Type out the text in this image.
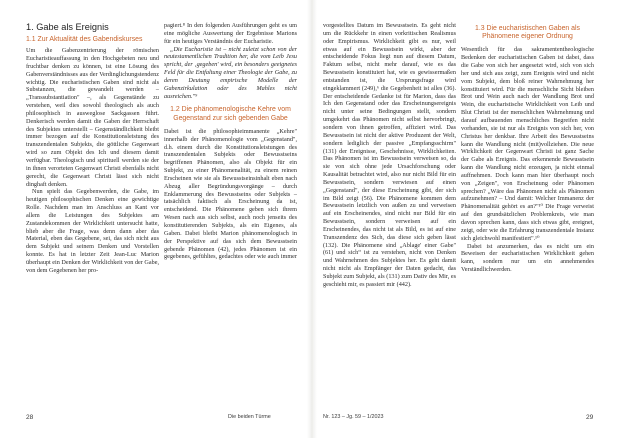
1. Gabe als Ereignis
1.1 Zur Aktualität des Gabendiskurses

Um die Gabenzentrierung der römischen Eucharistieauffassung in den Hochgebeten neu und fruchtbar denken zu können, ist eine Lösung des Gabenverständnisses aus der Verdinglichungstendenz wichtig. Die eucharistischen Gaben sind nicht als Substanzen, die gewandelt werden – „Transsubstantiation" –, als Gegenstände zu verstehen, weil dies sowohl theologisch als auch philosophisch in ausweglose Sackgassen führt. Denkerisch werden damit die Gaben der Herrschaft des Subjektes unterstellt – Gegenständlichkeit bleibt immer bezogen auf die Konstitutionsleistung des transzendentalen Subjekts, die göttliche Gegenwart wird so zum Objekt des Ich und diesem damit verfügbar. Theologisch und spirituell werden sie der in ihnen verorteten Gegenwart Christi ebenfalls nicht gerecht, die Gegenwart Christi lässt sich nicht dinghaft denken.

Nun spielt das Gegebenwerden, die Gabe, im heutigen philosophischen Denken eine gewichtige Rolle. Nachdem man im Anschluss an Kant vor allem die Leistungen des Subjektes am Zustandekommen der Wirklichkeit untersucht hatte, blieb aber die Frage, was denn dann aber das Material, eben das Gegebene, sei, das sich nicht aus dem Subjekt und seinem Denken und Vorstellen konnte. Es hat in letzter Zeit Jean-Luc Marion überhaupt ein Denken der Wirklichkeit von der Gabe, von dem Gegebenen her pro-

pagiert.⁸ In den folgenden Ausführungen geht es um eine mögliche Auswertung der Ergebnisse Marions für ein heutiges Verständnis der Eucharistie.

„Die Eucharistie ist – nicht zuletzt schon von der neutestamentlichen Tradition her, die vom Leib Jesu spricht, der ‚gegeben' wird, ein besonders geeignetes Feld für die Entfaltung einer Theologie der Gabe, zu deren Deutung empirische Modelle der Gabenzirkulation oder des Mahles nicht ausreichen."⁹

1.2 Die phänomenologische Kehre vom Gegenstand zur sich gebenden Gabe

Dabei ist die philosophieimmanente „Kehre" innerhalb der Phänomenologie vom „Gegenstand", d.h. einem durch die Konstitutionsleistungen des transzendentalen Subjekts oder Bewusstseins begriffenen Phänomen, also als Objekt für ein Subjekt, zu einer Phänomenalität, zu einem reinen Erscheinen wie sie als Bewusstseinsinhalt eben nach Abzug aller Begründungsvorgänge – durch Enklammerung des Bewusstseins oder Subjekts – tatsächlich faktisch als Erscheinung da ist, entscheidend. Die Phänomene geben sich ihrem Wesen nach aus sich selbst, auch noch jenseits des konstitutierenden Subjekts, als ein Eigenes, als Gaben. Dabei bleibt Marion phänomenologisch in der Perspektive auf das sich dem Bewusstsein gebende Phänomen (42), jedes Phänomen ist ein gegebenes, gefühltes, gedachtes oder wie auch immer

28	Die beiden Türme

vorgestelltes Datum im Bewusstsein. Es geht nicht um die Rückkehr in einen vorkritischen Realismus oder Empirismus. Wirklichkeit gibt es nur, weil etwas auf ein Bewusstsein wirkt, aber der entscheidende Fokus liegt nun auf diesem Datum, Faktum selbst, nicht mehr darauf, wie es das Bewusstsein konstituiert hat, wie es gewissermaßen entstanden ist, die Ursprungsfrage wird eingeklammert (249),⁶ die Gegebenheit ist alles (36). Der entscheidende Gedanke ist für Marion, dass das Ich den Gegenstand oder das Erscheinungsereignis nicht unter seine Bedingungen stellt, sondern umgekehrt das Phänomen nicht selbst hervorbringt, sondern von ihnen getroffen, affiziert wird. Das Bewusstsein ist nicht der aktive Produzent der Welt, sondern lediglich der passive „Empfangsschirm" (131) der Ereignisse, Geschehnisse, Wirklichkeiten. Das Phänomen ist im Bewusstsein verweisen so, da sie von sich ohne jede Ursachforschung oder Kausalität betrachtet wird, also nur nicht Bild für ein Bewusstsein, sondern verwiesen auf einen „Gegenstand", der diese Erscheinung gibt, der sich im Bild zeigt (56). Die Phänomene kommen dem Bewusstsein letztlich von außen zu und verweisen auf ein Erscheinendes, sind nicht nur Bild für ein Bewusstsein, sondern verweisen auf ein Erscheinendes, das nicht ist als Bild, es ist auf eine Transzendenz des Sich, das diese sich geben lässt (132). Die Phänomene sind „Ablage' einer Gabe" (61) und sich“ ist zu verstehen, nicht von Denken und Wahrnehmen des Subjektes her. Es geht damit nicht nicht als Empfänger der Daten gedacht, das Subjekt zum Subjekt, als (131) zum Dativ des Mir, es geschieht mir, es passiert mir (442).

1.3 Die eucharistischen Gaben als Phänomene eigener Ordnung

Wesentlich für das sakramententheologische Bedenken der eucharistischen Gaben ist dabei, dass die Gabe von sich her angesetzt wird, sich von sich her und sich aus zeigt, zum Ereignis wird und nicht vom Subjekt, dem bloß reiner Wahrnehmung her konstituiert wird. Für die menschliche Sicht bleiben Brot und Wein auch nach der Wandlung Brot und Wein, die eucharistische Wirklichkeit von Leib und Blut Christi ist der menschlichen Wahrnehmung und darauf aufbauenden menschliches Begreifen nicht vorhanden, sie ist nur als Ereignis von sich her, von Christus her denkbar. Ihre Arbeit des Bewusstseins kann die Wandlung nicht (mit)vollziehen. Die neue Wirklichkeit der Gegenwart Christi ist ganz Sache der Gabe als Ereignis. Das erkennende Bewusstsein kann die Wandlung nicht erzeugen, ja nicht einmal auffnehmen. Doch kann man hier überhaupt noch von „Zeigen", von Erscheinung oder Phänomen sprechen? „Wäre das Phänomen nicht als Phänomen aufzunehmen? – Und damit: Welcher Immanenz der Phänomenalität gehört es an?"¹⁰ Die Frage verweist auf den grundsätzlichen Problemkreis, wie man davon sprechen kann, dass sich etwas gibt, ereignet, zeigt, oder wie die Erfahrung transzendentale Instanz sich gleichwohl manifestiert".¹⁰

Dabei ist anzumerken, das es nicht um ein Beweisen der eucharistischen Wirklichkeit gehen kann, sondern nur um ein annehmendes Verständlichwerden.

Nr. 123 – Jg. 59 – 1/2023	29
